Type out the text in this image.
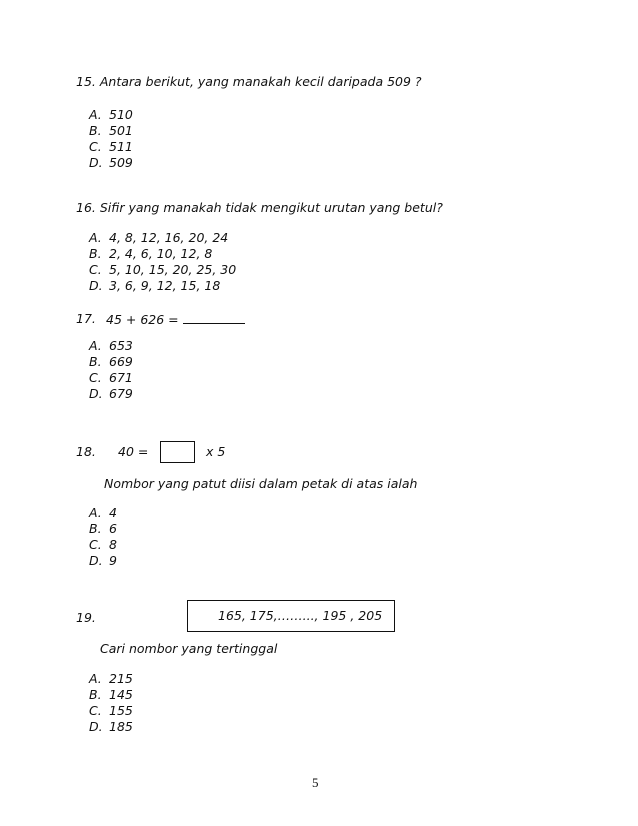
15. Antara berikut, yang manakah kecil daripada 509 ?
A. 510
B. 501
C. 511
D. 509
16. Sifir yang manakah tidak mengikut urutan yang betul?
A. 4, 8, 12, 16, 20, 24
B. 2, 4, 6, 10, 12, 8
C. 5, 10, 15, 20, 25, 30
D. 3, 6, 9, 12, 15, 18
17. 45 + 626 =
A. 653
B. 669
C. 671
D. 679
18. 40 =	x 5
Nombor yang patut diisi dalam petak di atas ialah
A. 4
B. 6
C. 8
D. 9
19.	165, 175,……..., 195 , 205
Cari nombor yang tertinggal
A. 215
B. 145
C. 155
D. 185
5
